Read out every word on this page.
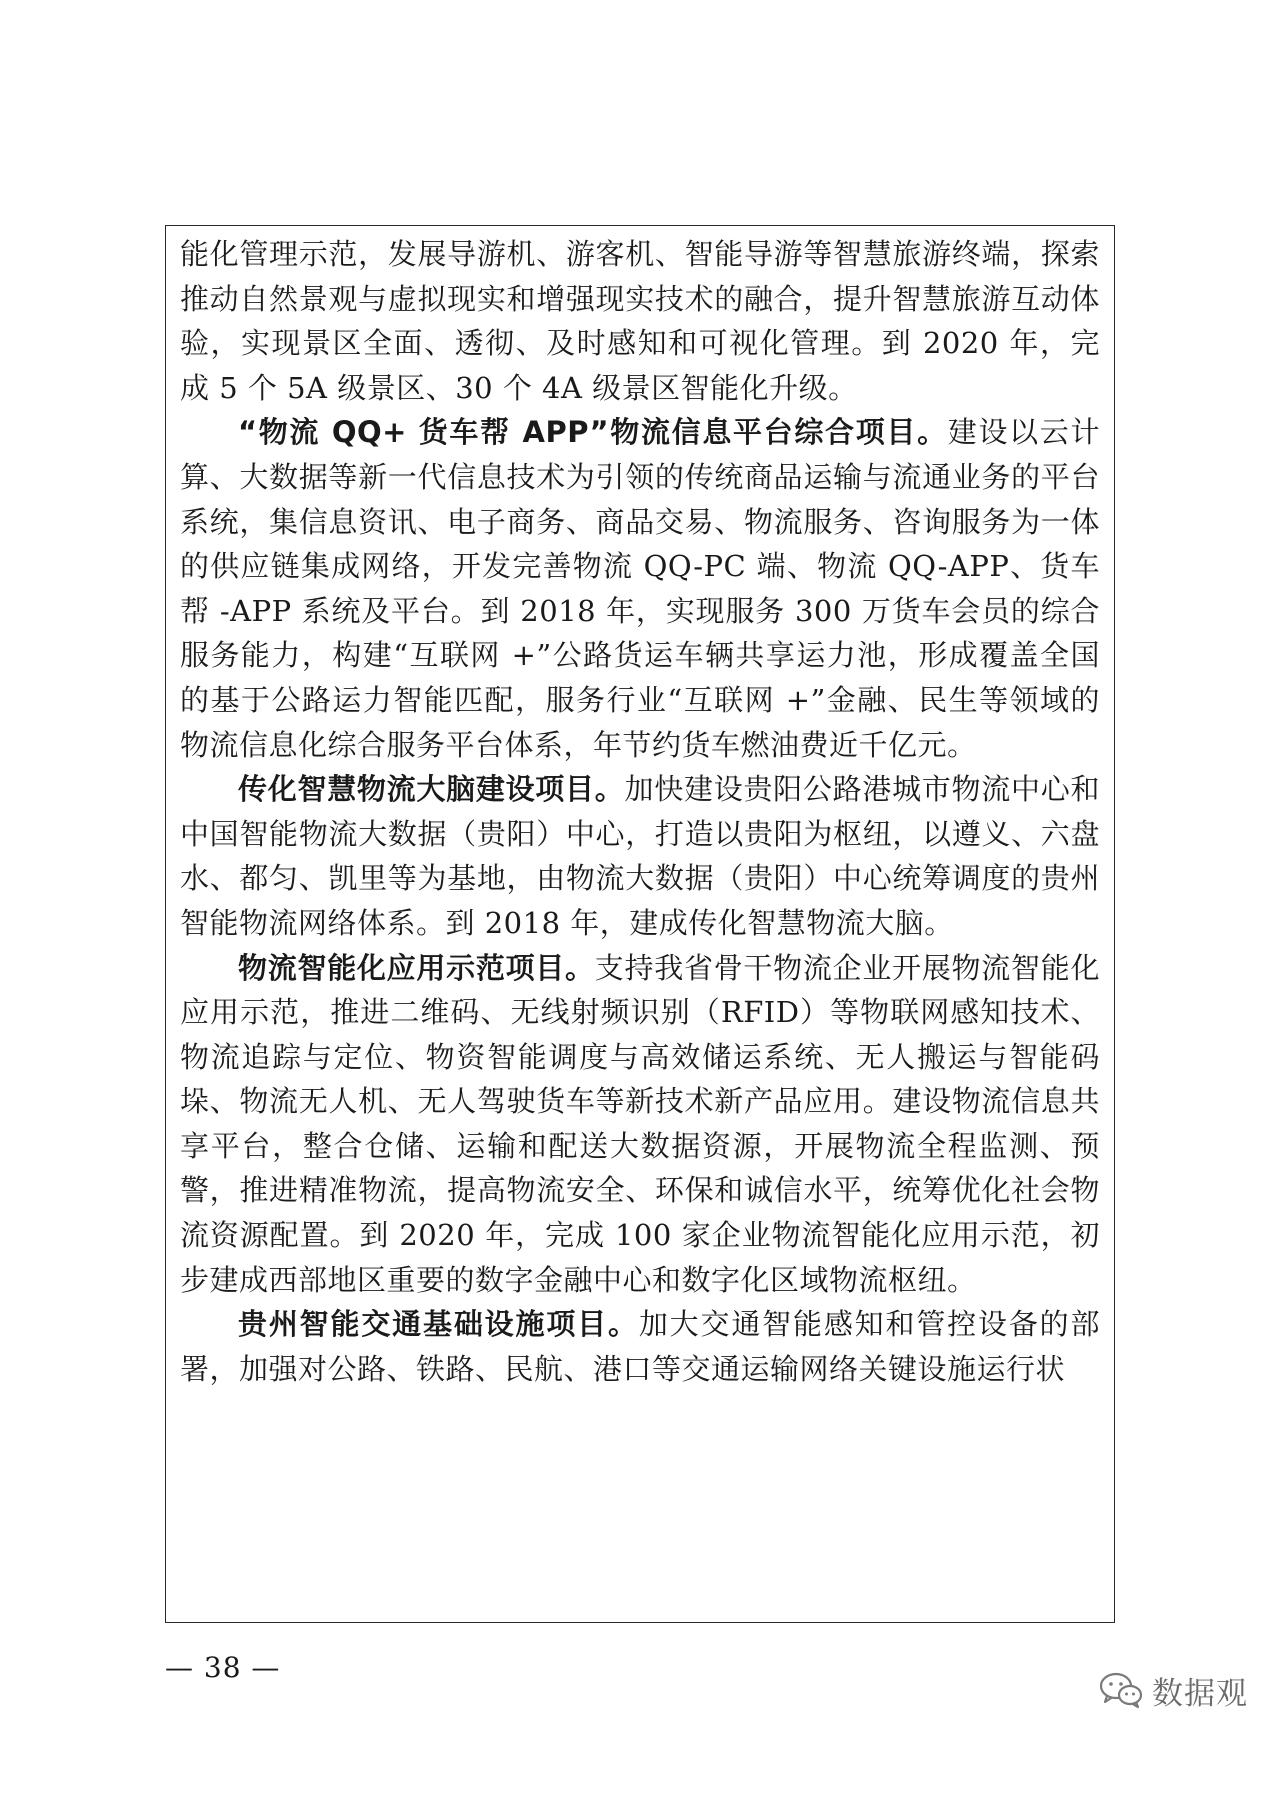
能化管理示范，发展导游机、游客机、智能导游等智慧旅游终端，探索推动自然景观与虚拟现实和增强现实技术的融合，提升智慧旅游互动体验，实现景区全面、透彻、及时感知和可视化管理。到 2020 年，完成 5 个 5A 级景区、30 个 4A 级景区智能化升级。

“物流 QQ+ 货车帮 APP”物流信息平台综合项目。建设以云计算、大数据等新一代信息技术为引领的传统商品运输与流通业务的平台系统，集信息资讯、电子商务、商品交易、物流服务、咨询服务为一体的供应链集成网络，开发完善物流 QQ-PC 端、物流 QQ-APP、货车帮 -APP 系统及平台。到 2018 年，实现服务 300 万货车会员的综合服务能力，构建“互联网 +”公路货运车辆共享运力池，形成覆盖全国的基于公路运力智能匹配，服务行业“互联网 +”金融、民生等领域的物流信息化综合服务平台体系，年节约货车燃油费近千亿元。

传化智慧物流大脑建设项目。加快建设贵阳公路港城市物流中心和中国智能物流大数据（贵阳）中心，打造以贵阳为枢纽，以遵义、六盘水、都匀、凯里等为基地，由物流大数据（贵阳）中心统筹调度的贵州智能物流网络体系。到 2018 年，建成传化智慧物流大脑。

物流智能化应用示范项目。支持我省骨干物流企业开展物流智能化应用示范，推进二维码、无线射频识别（RFID）等物联网感知技术、物流追踪与定位、物资智能调度与高效储运系统、无人搬运与智能码垛、物流无人机、无人驾驶货车等新技术新产品应用。建设物流信息共享平台，整合仓储、运输和配送大数据资源，开展物流全程监测、预警，推进精准物流，提高物流安全、环保和诚信水平，统筹优化社会物流资源配置。到 2020 年，完成 100 家企业物流智能化应用示范，初步建成西部地区重要的数字金融中心和数字化区域物流枢纽。

贵州智能交通基础设施项目。加大交通智能感知和管控设备的部署，加强对公路、铁路、民航、港口等交通运输网络关键设施运行状

— 38 —
数据观
